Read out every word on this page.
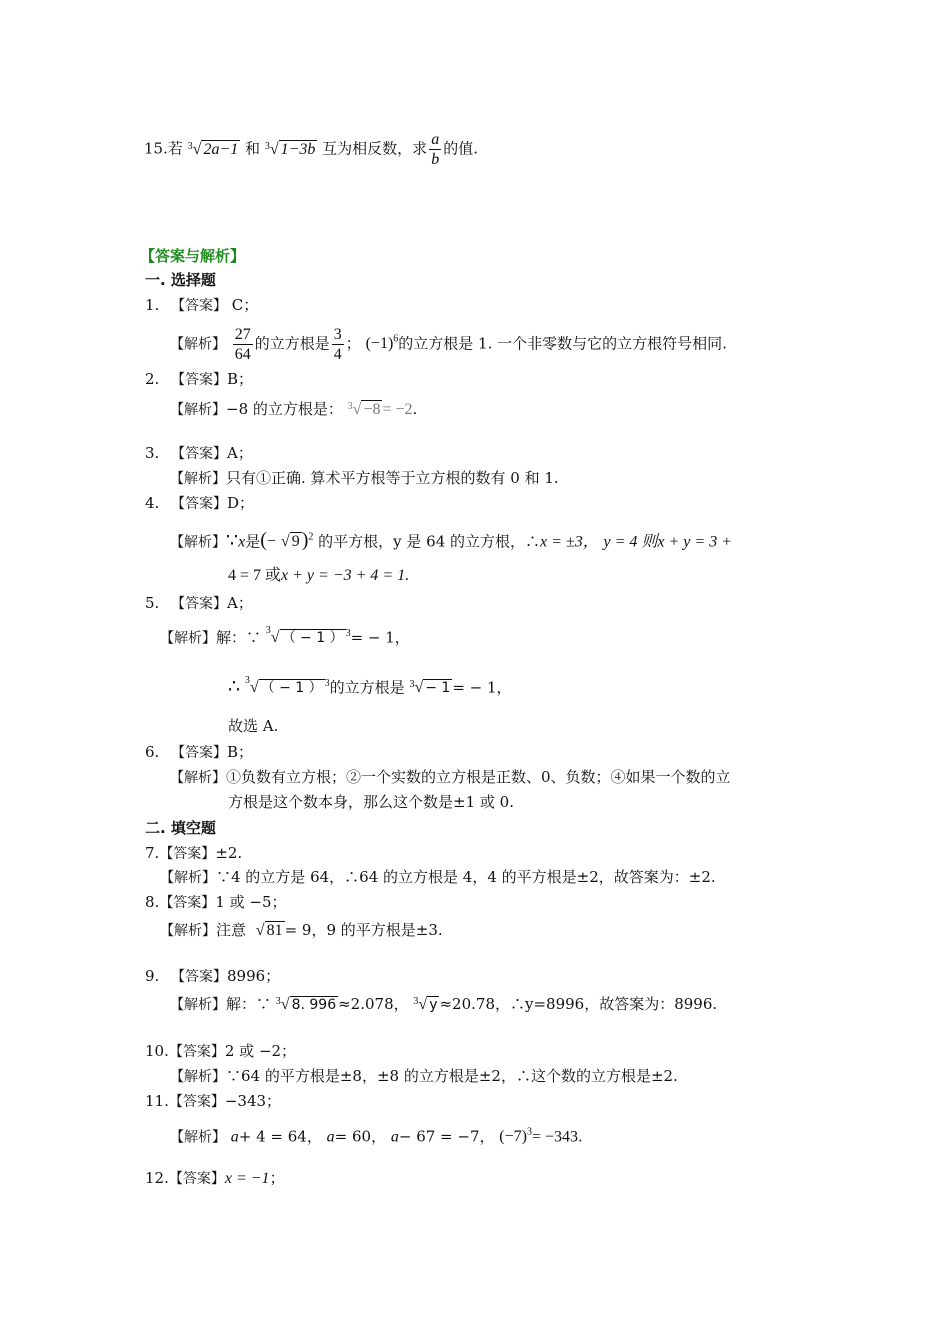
15.若 3 √ 2a−1 和 3 √ 1−3b 互为相反数，求 $\frac{a}{b}$ 的值.
【答案与解析】
一. 选择题
1. 【答案】 C；
【解析】 $\frac{27}{64}$ 的立方根是 $\frac{3}{4}$ ； $(-1)^6$的立方根是 1. 一个非零数与它的立方根符号相同.
2. 【答案】B；
【解析】−8 的立方根是： 3 √ −8 = −2.
3. 【答案】A；
【解析】只有①正确. 算术平方根等于立方根的数有 0 和 1.
4. 【答案】D；
【解析】∵x是(− √ 9 )$^2$ 的平方根，y 是 64 的立方根，∴x = ±3， y = 4 则x + y = 3 +
4 = 7 或x + y = −3 + 4 = 1.
5. 【答案】A；
【解析】解：∵ 3 √ （ − 1 ） $^3$= − 1，
∴ 3 √ （ − 1 ） $^3$的立方根是 3 √ − 1 = − 1，
故选 A.
6. 【答案】B；
【解析】①负数有立方根；②一个实数的立方根是正数、0、负数；④如果一个数的立
方根是这个数本身，那么这个数是±1 或 0.
二. 填空题
7.【答案】±2.
【解析】∵4 的立方是 64，∴64 的立方根是 4，4 的平方根是±2，故答案为：±2.
8.【答案】1 或 −5；
【解析】注意 √ 81 = 9，9 的平方根是±3.
9. 【答案】8996；
【解析】解：∵ 3 √ 8. 996 ≈2.078， 3 √ y ≈20.78，∴y=8996，故答案为：8996.
10.【答案】2 或 −2；
【解析】∵64 的平方根是±8，±8 的立方根是±2，∴这个数的立方根是±2.
11.【答案】−343；
【解析】 a+ 4 = 64， a= 60， a− 67 = −7， $(-7)^3= -343$.
12.【答案】x = −1；
